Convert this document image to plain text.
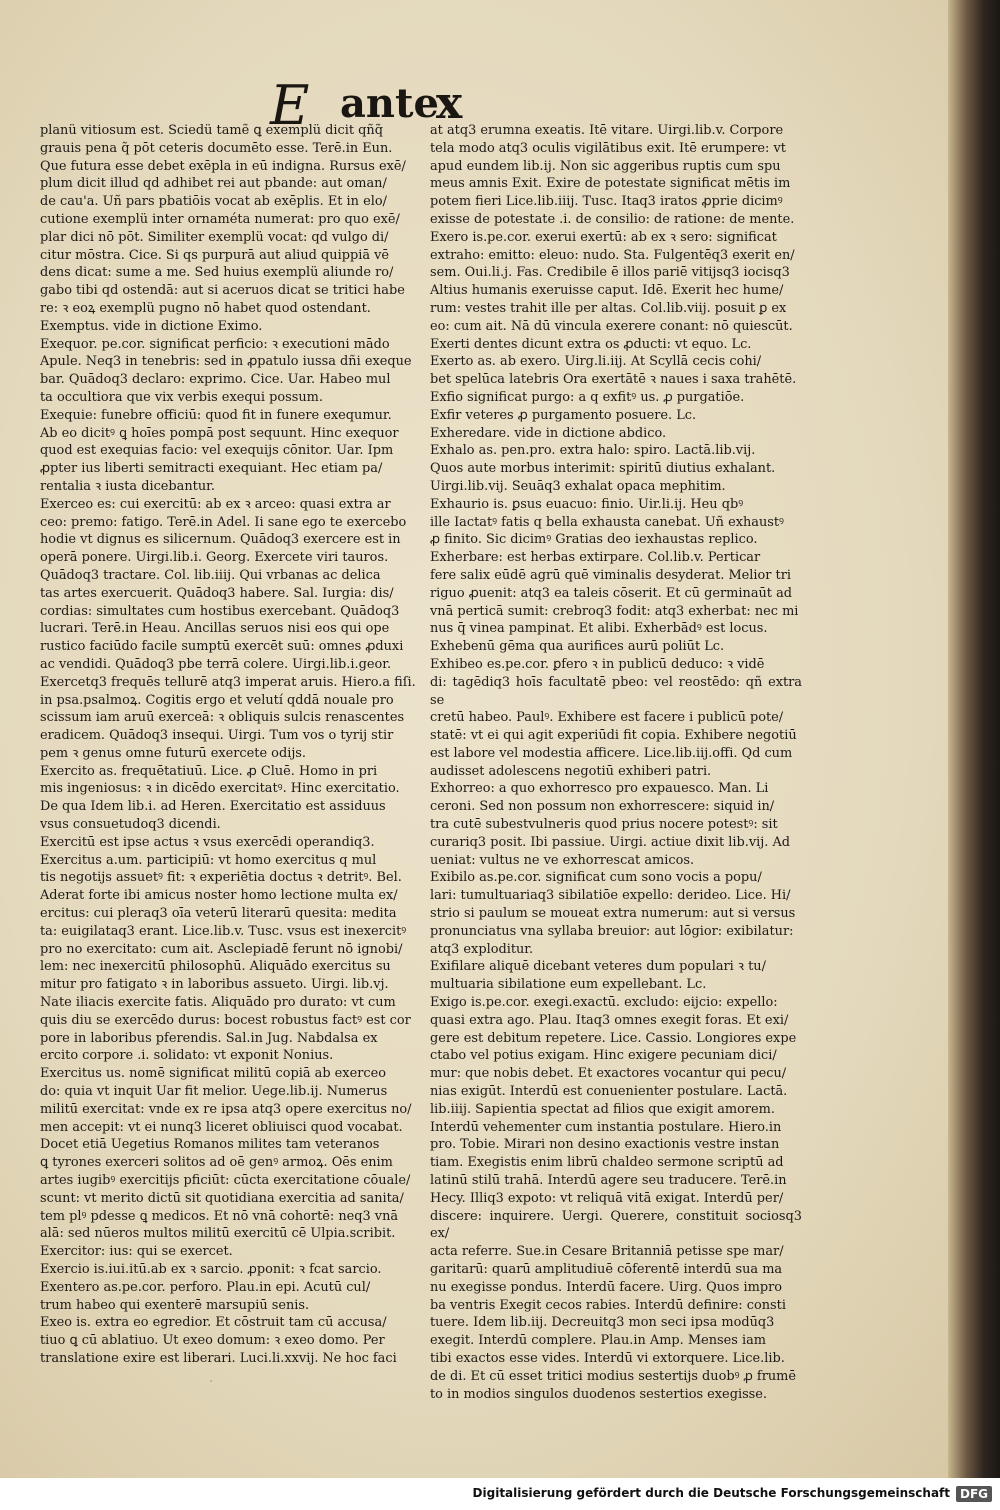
E ante
x

planü vitiosum est. Sciedü tamẽ ꝗ exemplü dicit qñq̃

grauis pena q̃ pōt ceteris documēto esse. Terē.in Eun.

Que futura esse debet exēpla in eū indigna. Rursus exē/

plum dicit illud qd adhibet rei aut pbande: aut oman/

de cau'a. Uñ pars pbatiōis vocat ab exēplis. Et in elo/

cutione exemplü inter ornaméta numerat: pro quo exē/

plar dici nō pōt. Similiter exemplü vocat: qd vulgo di/

citur mōstra. Cice. Si qs purpurā aut aliud quippiā vē

dens dicat: sume a me. Sed huius exemplü aliunde ro/

gabo tibi qd ostendā: aut si aceruos dicat se tritici habe

re: ꝛ eoꝝ exemplü pugno nō habet quod ostendant.

Exemptus. vide in dictione Eximo.

Exequor. pe.cor. significat perficio: ꝛ executioni mādo

Apule. Neq3 in tenebris: sed in ꝓpatulo iussa dñi exeque

bar. Quādoq3 declaro: exprimo. Cice. Uar. Habeo mul

ta occultiora que vix verbis exequi possum.

Exequie: funebre officiū: quod fit in funere exequmur.

Ab eo dicitꝰ ꝗ hoīes pompā post sequunt. Hinc exequor

quod est exequias facio: vel exequijs cōnitor. Uar. Ipm

ꝓpter ius liberti semitracti exequiant. Hec etiam pa/

rentalia ꝛ iusta dicebantur.

Exerceo es: cui exercitū: ab ex ꝛ arceo: quasi extra ar

ceo: premo: fatigo. Terē.in Adel. Ii sane ego te exercebo

hodie vt dignus es silicernum. Quādoq3 exercere est in

operā ponere. Uirgi.lib.i. Georg. Exercete viri tauros.

Quādoq3 tractare. Col. lib.iiij. Qui vrbanas ac delica

tas artes exercuerit. Quādoq3 habere. Sal. Iurgia: dis/

cordias: simultates cum hostibus exercebant. Quādoq3

lucrari. Terē.in Heau. Ancillas seruos nisi eos qui ope

rustico faciūdo facile sumptū exercēt suū: omnes ꝓduxi

ac vendidi. Quādoq3 pbe terrā colere. Uirgi.lib.i.geor.

Exercetq3 frequēs tellurē atq3 imperat aruis. Hiero.a fiſi.

in psa.psalmoꝝ. Cogitis ergo et velutí qddā nouale pro

scissum iam aruū exerceā: ꝛ obliquis sulcis renascentes

eradicem. Quādoq3 insequi. Uirgi. Tum vos o tyrij stir

pem ꝛ genus omne futurū exercete odijs.

Exercito as. frequētatiuū. Lice. ꝓ Cluē. Homo in pri

mis ingeniosus: ꝛ in dicēdo exercitatꝰ. Hinc exercitatio.

De qua Idem lib.i. ad Heren. Exercitatio est assiduus

vsus consuetudoq3 dicendi.

Exercitū est ipse actus ꝛ vsus exercēdi operandiq3.

Exercitus a.um. participiū: vt homo exercitus q mul

tis negotijs assuetꝰ fit: ꝛ experiētia doctus ꝛ detritꝰ. Bel.

Aderat forte ibi amicus noster homo lectione multa ex/

ercitus: cui pleraq3 oīa veterū literarū quesita: medita

ta: euigilataq3 erant. Lice.lib.v. Tusc. vsus est inexercitꝰ

pro no exercitato: cum ait. Asclepiadē ferunt nō ignobi/

lem: nec inexercitū philosophū. Aliquādo exercitus su

mitur pro fatigato ꝛ in laboribus assueto. Uirgi. lib.vj.

Nate iliacis exercite fatis. Aliquādo pro durato: vt cum

quis diu se exercēdo durus: bocest robustus factꝰ est cor

pore in laboribus pferendis. Sal.in Jug. Nabdalsa ex

ercito corpore .i. solidato: vt exponit Nonius.

Exercitus us. nomē significat militū copiā ab exerceo

do: quia vt inquit Uar fit melior. Uege.lib.ij. Numerus

militū exercitat: vnde ex re ipsa atq3 opere exercitus no/

men accepit: vt ei nunq3 liceret obliuisci quod vocabat.

Docet etiā Uegetius Romanos milites tam veteranos

ꝗ tyrones exerceri solitos ad oē genꝰ armoꝝ. Oēs enim

artes iugibꝰ exercitijs pficiūt: cūcta exercitatione cōuale/

scunt: vt merito dictū sit quotidiana exercitia ad sanita/

tem plꝰ pdesse ꝗ medicos. Et nō vnā cohortē: neq3 vnā

alā: sed nūeros multos militū exercitū cē Ulpia.scribit.

Exercitor: ius: qui se exercet.

Exercio is.iui.itū.ab ex ꝛ sarcio. ꝓponit: ꝛ fcat sarcio.

Exentero as.pe.cor. perforo. Plau.in epi. Acutū cul/

trum habeo qui exenterē marsupiū senis.

Exeo is. extra eo egredior. Et cōstruit tam cū accusa/

tiuo ꝗ cū ablatiuo. Ut exeo domum: ꝛ exeo domo. Per

translatione exire est liberari. Luci.li.xxvij. Ne hoc faci

at atq3 erumna exeatis. Itē vitare. Uirgi.lib.v. Corpore

tela modo atq3 oculis vigilātibus exit. Itē erumpere: vt

apud eundem lib.ij. Non sic aggeribus ruptis cum spu

meus amnis Exit. Exire de potestate significat mētis im

potem fieri Lice.lib.iiij. Tusc. Itaq3 iratos ꝓprie dicimꝰ

exisse de potestate .i. de consilio: de ratione: de mente.

Exero is.pe.cor. exerui exertū: ab ex ꝛ sero: significat

extraho: emitto: eleuo: nudo. Sta. Fulgentēq3 exerit en/

sem. Oui.li.j. Fas. Credibile ē illos pariē vitijsq3 iocisq3

Altius humanis exeruisse caput. Idē. Exerit hec hume/

rum: vestes trahit ille per altas. Col.lib.viij. posuit ꝑ ex

eo: cum ait. Nā dū vincula exerere conant: nō quiescūt.

Exerti dentes dicunt extra os ꝓducti: vt equo. Lc.

Exerto as. ab exero. Uirg.li.iij. At Scyllā cecis cohi/

bet spelūca latebris Ora exertātē ꝛ naues i saxa trahētē.

Exfio significat purgo: a q exfitꝰ us. ꝓ purgatiōe.

Exfir veteres ꝓ purgamento posuere. Lc.

Exheredare. vide in dictione abdico.

Exhalo as. pen.pro. extra halo: spiro. Lactā.lib.vij.

Quos aute morbus interimit: spiritū diutius exhalant.

Uirgi.lib.vij. Seuāq3 exhalat opaca mephitim.

Exhaurio is. ꝑsus euacuo: finio. Uir.li.ij. Heu qbꝰ

ille Iactatꝰ fatis q bella exhausta canebat. Uñ exhaustꝰ

ꝓ finito. Sic dicimꝰ Gratias deo iexhaustas replico.

Exherbare: est herbas extirpare. Col.lib.v. Perticar

fere salix eūdē agrū quē viminalis desyderat. Melior tri

riguo ꝓuenit: atq3 ea taleis cōserit. Et cū germinaūt ad

vnā perticā sumit: crebroq3 fodit: atq3 exherbat: nec mi

nus q̄ vinea pampinat. Et alibi. Exherbādꝰ est locus.

Exhebenū gēma qua aurifices aurū poliūt Lc.

Exhibeo es.pe.cor. ꝑfero ꝛ in publicū deduco: ꝛ vidē

di: tagēdiq3 hoīs facultatē pbeo: vel reostēdo: qñ extra se

cretū habeo. Paulꝰ. Exhibere est facere i publicū pote/

statē: vt ei qui agit experiūdi fit copia. Exhibere negotiū

est labore vel modestia afficere. Lice.lib.iij.offi. Qd cum

audisset adolescens negotiū exhiberi patri.

Exhorreo: a quo exhorresco pro expauesco. Man. Li

ceroni. Sed non possum non exhorrescere: siquid in/

tra cutē subestvulneris quod prius nocere potestꝰ: sit

curariq3 posit. Ibi passiue. Uirgi. actiue dixit lib.vij. Ad

ueniat: vultus ne ve exhorrescat amicos.

Exibilo as.pe.cor. significat cum sono vocis a popu/

lari: tumultuariaq3 sibilatiōe expello: derideo. Lice. Hi/

strio si paulum se moueat extra numerum: aut si versus

pronunciatus vna syllaba breuior: aut lōgior: exibilatur:

atq3 exploditur.

Exifilare aliquē dicebant veteres dum populari ꝛ tu/

multuaria sibilatione eum expellebant. Lc.

Exigo is.pe.cor. exegi.exactū. excludo: eijcio: expello:

quasi extra ago. Plau. Itaq3 omnes exegit foras. Et exi/

gere est debitum repetere. Lice. Cassio. Longiores expe

ctabo vel potius exigam. Hinc exigere pecuniam dici/

mur: que nobis debet. Et exactores vocantur qui pecu/

nias exigūt. Interdū est conuenienter postulare. Lactā.

lib.iiij. Sapientia spectat ad filios que exigit amorem.

Interdū vehementer cum instantia postulare. Hiero.in

pro. Tobie. Mirari non desino exactionis vestre instan

tiam. Exegistis enim librū chaldeo sermone scriptū ad

latinū stilū trahā. Interdū agere seu traducere. Terē.in

Hecy. Illiq3 expoto: vt reliquā vitā exigat. Interdū per/

discere: inquirere. Uergi. Querere, constituit sociosq3 ex/

acta referre. Sue.in Cesare Britanniā petisse spe mar/

garitarū: quarū amplitudiuē cōferentē interdū sua ma

nu exegisse pondus. Interdū facere. Uirg. Quos impro

ba ventris Exegit cecos rabies. Interdū definire: consti

tuere. Idem lib.iij. Decreuitq3 mon seci ipsa modūq3

exegit. Interdū complere. Plau.in Amp. Menses iam

tibi exactos esse vides. Interdū vi extorquere. Lice.lib.

de di. Et cū esset tritici modius sestertijs duobꝰ ꝓ frumē

to in modios singulos duodenos sestertios exegisse.

Digitalisierung gefördert durch die Deutsche Forschungsgemeinschaft DFG
